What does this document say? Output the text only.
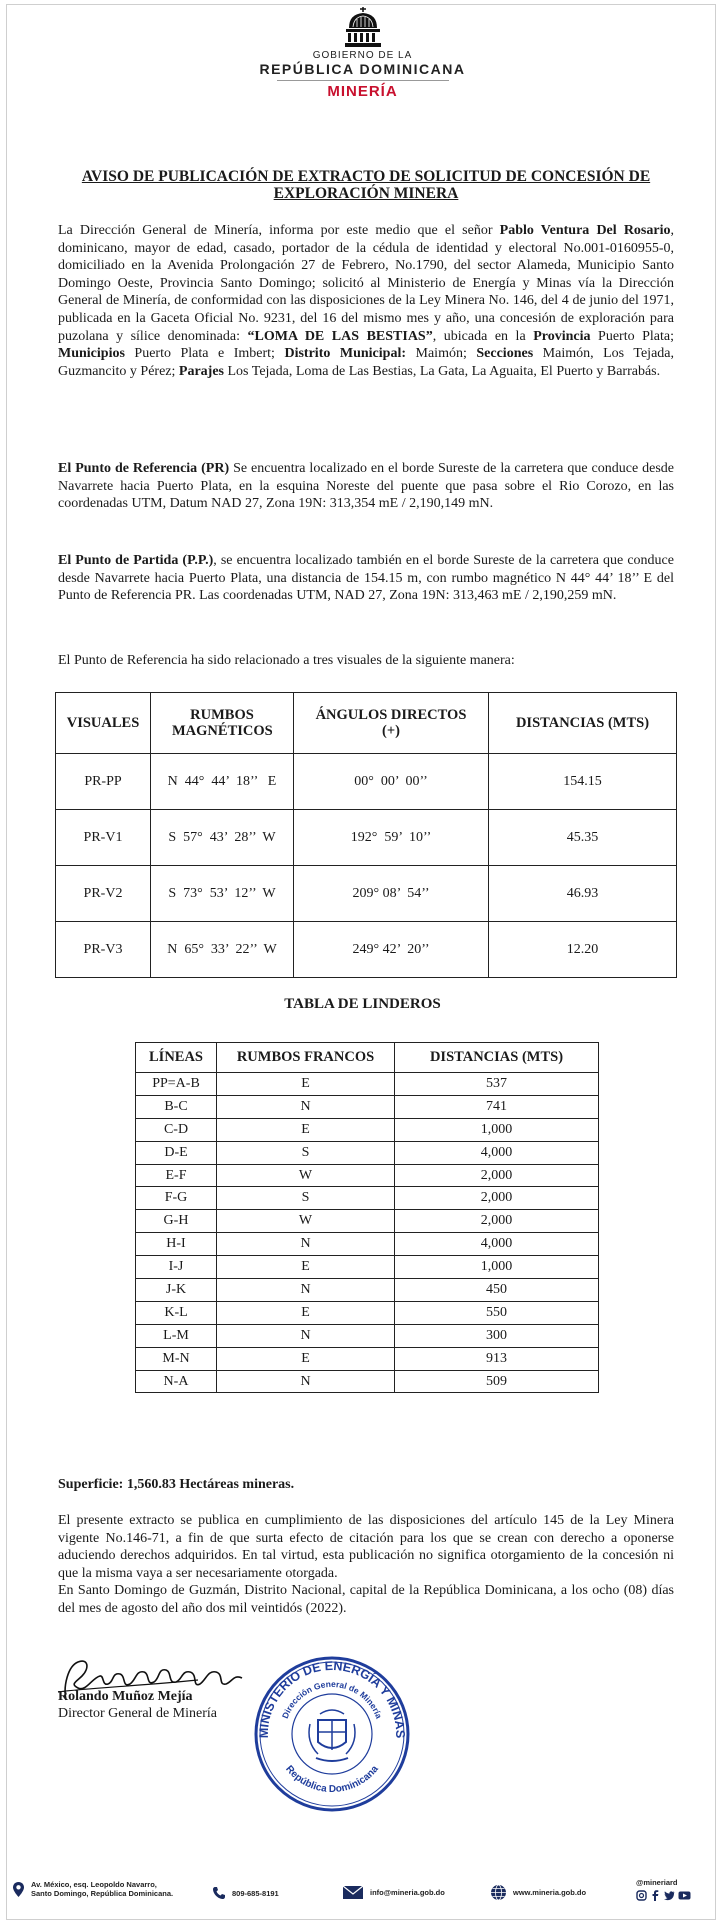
GOBIERNO DE LA
REPÚBLICA DOMINICANA
MINERÍA
AVISO DE PUBLICACIÓN DE EXTRACTO DE SOLICITUD DE CONCESIÓN DE
EXPLORACIÓN MINERA

La Dirección General de Minería, informa por este medio que el señor Pablo Ventura Del Rosario, dominicano, mayor de edad, casado, portador de la cédula de identidad y electoral No.001-0160955-0, domiciliado en la Avenida Prolongación 27 de Febrero, No.1790, del sector Alameda, Municipio Santo Domingo Oeste, Provincia Santo Domingo; solicitó al Ministerio de Energía y Minas vía la Dirección General de Minería, de conformidad con las disposiciones de la Ley Minera No. 146, del 4 de junio del 1971, publicada en la Gaceta Oficial No. 9231, del 16 del mismo mes y año, una concesión de exploración para puzolana y sílice denominada: “LOMA DE LAS BESTIAS”, ubicada en la Provincia Puerto Plata; Municipios Puerto Plata e Imbert; Distrito Municipal: Maimón; Secciones Maimón, Los Tejada, Guzmancito y Pérez; Parajes Los Tejada, Loma de Las Bestias, La Gata, La Aguaita, El Puerto y Barrabás.

El Punto de Referencia (PR) Se encuentra localizado en el borde Sureste de la carretera que conduce desde Navarrete hacia Puerto Plata, en la esquina Noreste del puente que pasa sobre el Rio Corozo, en las coordenadas UTM, Datum NAD 27, Zona 19N: 313,354 mE / 2,190,149 mN.

El Punto de Partida (P.P.), se encuentra localizado también en el borde Sureste de la carretera que conduce desde Navarrete hacia Puerto Plata, una distancia de 154.15 m, con rumbo magnético N 44° 44’ 18’’ E del Punto de Referencia PR. Las coordenadas UTM, NAD 27, Zona 19N: 313,463 mE / 2,190,259 mN.

El Punto de Referencia ha sido relacionado a tres visuales de la siguiente manera:

VISUALES	RUMBOS MAGNÉTICOS	ÁNGULOS DIRECTOS (+)	DISTANCIAS (MTS)
PR-PP	N  44°  44’  18’’   E	00°  00’  00’’	154.15
PR-V1	S  57°  43’  28’’  W	192°  59’  10’’	45.35
PR-V2	S  73°  53’  12’’  W	209° 08’  54’’	46.93
PR-V3	N  65°  33’  22’’  W	249° 42’  20’’	12.20
TABLA DE LINDEROS
LÍNEAS	RUMBOS FRANCOS	DISTANCIAS (MTS)
PP=A-B	E	537
B-C	N	741
C-D	E	1,000
D-E	S	4,000
E-F	W	2,000
F-G	S	2,000
G-H	W	2,000
H-I	N	4,000
I-J	E	1,000
J-K	N	450
K-L	E	550
L-M	N	300
M-N	E	913
N-A	N	509

Superficie: 1,560.83 Hectáreas mineras.

El presente extracto se publica en cumplimiento de las disposiciones del artículo 145 de la Ley Minera vigente No.146-71, a fin de que surta efecto de citación para los que se crean con derecho a oponerse aduciendo derechos adquiridos. En tal virtud, esta publicación no significa otorgamiento de la concesión ni que la misma vaya a ser necesariamente otorgada.

En Santo Domingo de Guzmán, Distrito Nacional, capital de la República Dominicana, a los ocho (08) días del mes de agosto del año dos mil veintidós (2022).

Rolando Muñoz Mejía
Director General de Minería
MINISTERIO DE ENERGÍA Y MINAS
Dirección General de Minería
República Dominicana
Av. México, esq. Leopoldo Navarro,
Santo Domingo, República Dominicana.	809-685-8191	info@mineria.gob.do	www.mineria.gob.do
@mineriard
